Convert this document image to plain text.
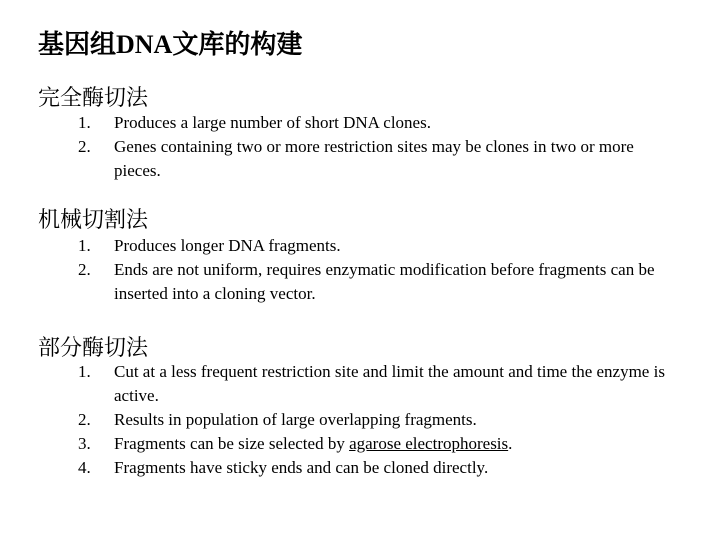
基因组DNA文库的构建
完全酶切法
1.	Produces a large number of short DNA clones.
2.	Genes containing two or more restriction sites may be clones in two or more pieces.
机械切割法
1.	Produces longer DNA fragments.
2.	Ends are not uniform, requires enzymatic modification before fragments can be inserted into a cloning vector.
部分酶切法
1.	Cut at a less frequent restriction site and limit the amount and time the enzyme is active.
2.	Results in population of large overlapping fragments.
3.	Fragments can be size selected by agarose electrophoresis.
4.	Fragments have sticky ends and can be cloned directly.
